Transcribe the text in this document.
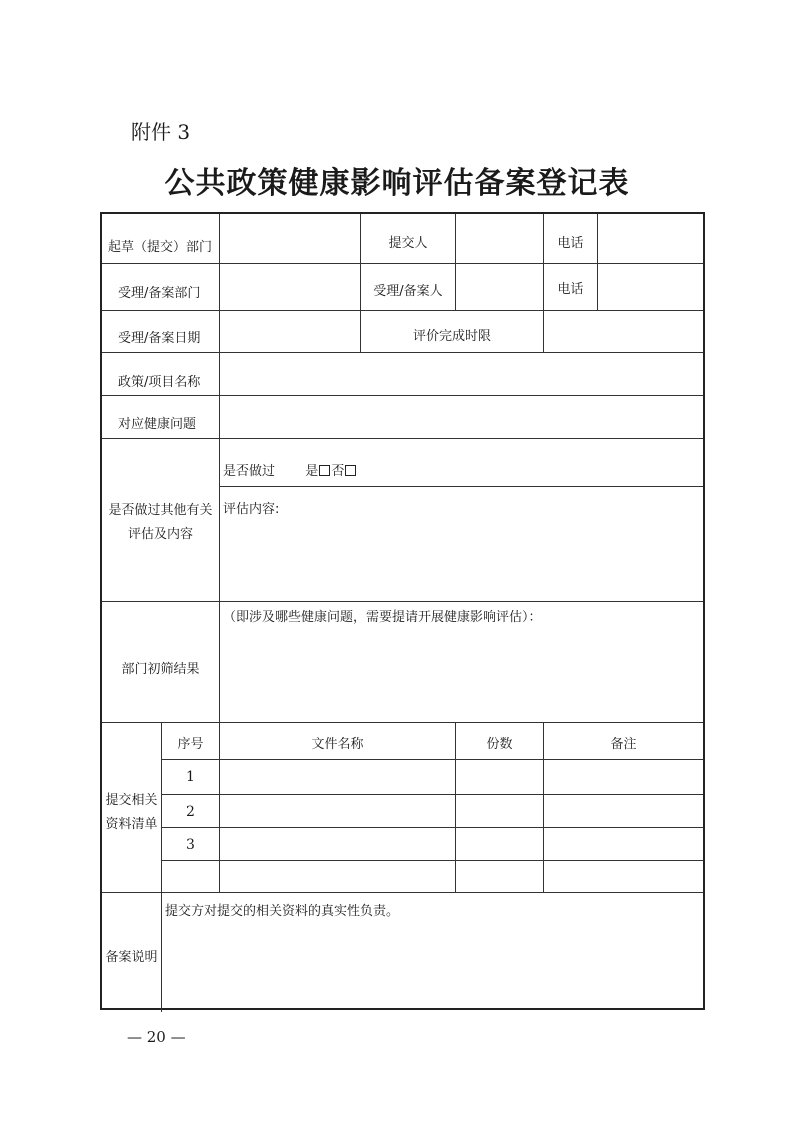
附件 3
公共政策健康影响评估备案登记表
起草（提交）部门	提交人	电话
受理/备案部门	受理/备案人	电话
受理/备案日期	评价完成时限
政策/项目名称
对应健康问题
是否做过其他有关评估及内容
是否做过 是 否
评估内容:
部门初筛结果
（即涉及哪些健康问题，需要提请开展健康影响评估）：
提交相关资料清单
序号	文件名称	份数	备注
1
2
3
备案说明
提交方对提交的相关资料的真实性负责。
— 20 —
